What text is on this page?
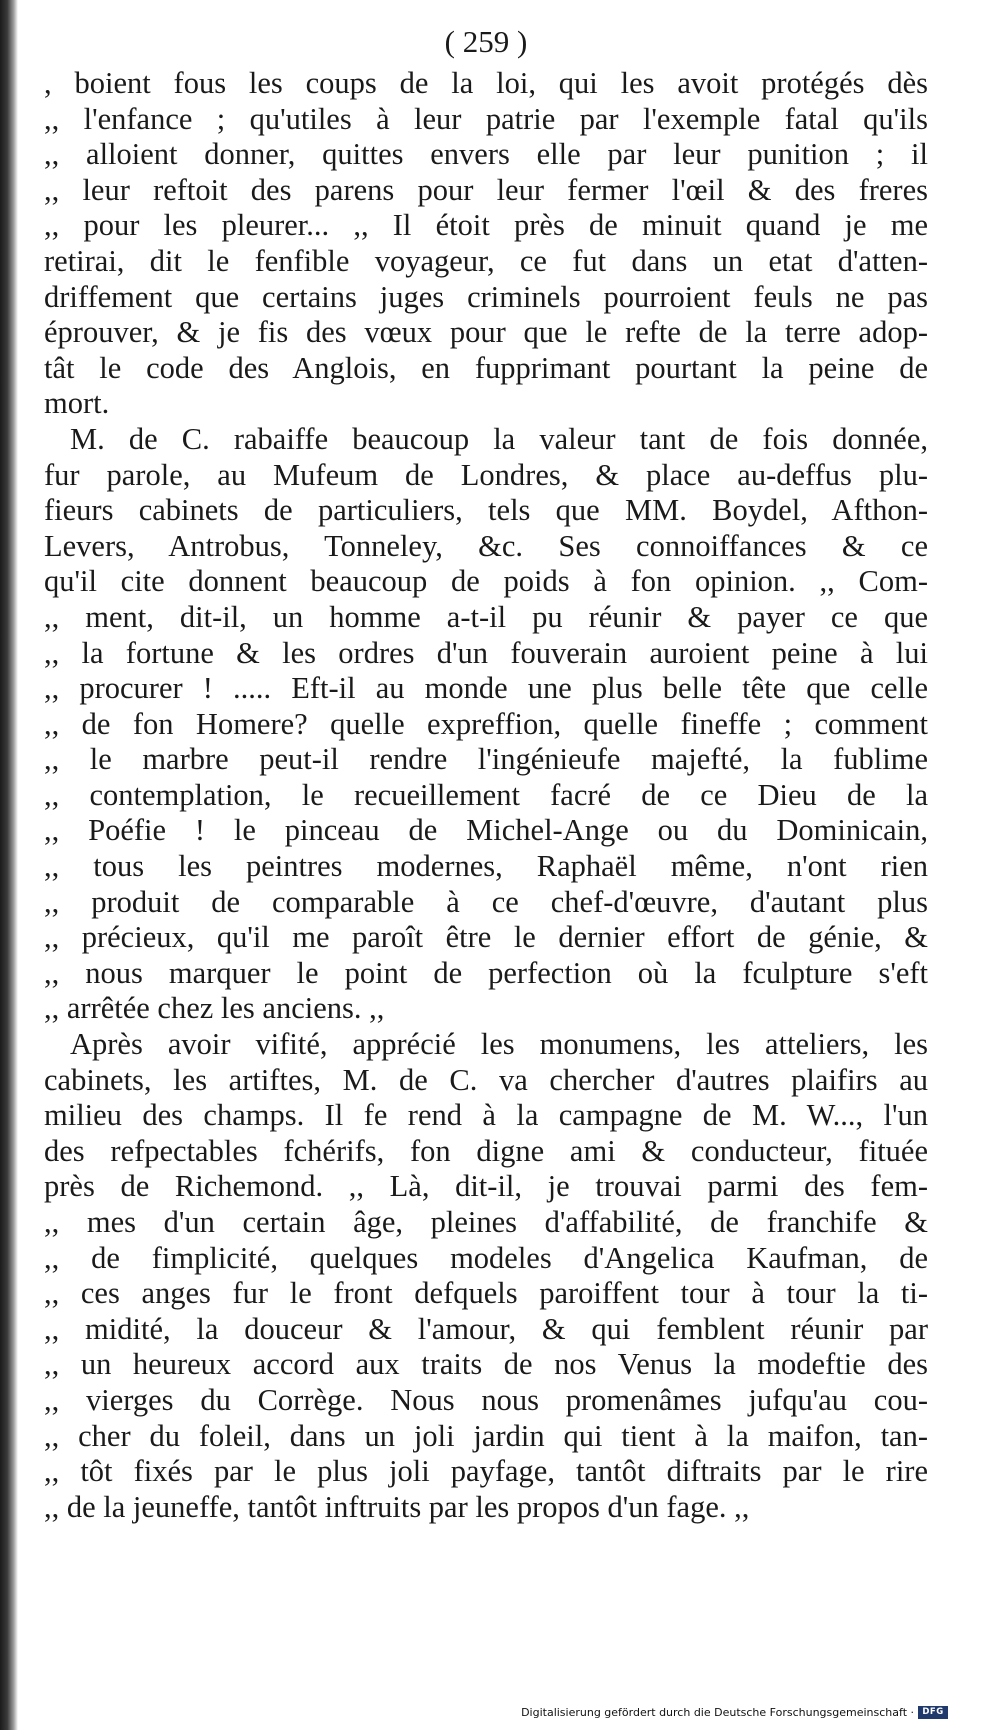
( 259 )
, boient fous les coups de la loi, qui les avoit protégés dès
,, l'enfance ; qu'utiles à leur patrie par l'exemple fatal qu'ils
,, alloient donner, quittes envers elle par leur punition ; il
,, leur reftoit des parens pour leur fermer l'œil & des freres
,, pour les pleurer... ,, Il étoit près de minuit quand je me
retirai, dit le fenfible voyageur, ce fut dans un etat d'atten-
driffement que certains juges criminels pourroient feuls ne pas
éprouver, & je fis des vœux pour que le refte de la terre adop-
tât le code des Anglois, en fupprimant pourtant la peine de
mort.
M. de C. rabaiffe beaucoup la valeur tant de fois donnée,
fur parole, au Mufeum de Londres, & place au-deffus plu-
fieurs cabinets de particuliers, tels que MM. Boydel, Afthon-
Levers, Antrobus, Tonneley, &c. Ses connoiffances & ce
qu'il cite donnent beaucoup de poids à fon opinion. ,, Com-
,, ment, dit-il, un homme a-t-il pu réunir & payer ce que
,, la fortune & les ordres d'un fouverain auroient peine à lui
,, procurer ! ..... Eft-il au monde une plus belle tête que celle
,, de fon Homere? quelle expreffion, quelle fineffe ; comment
,, le marbre peut-il rendre l'ingénieufe majefté, la fublime
,, contemplation, le recueillement facré de ce Dieu de la
,, Poéfie ! le pinceau de Michel-Ange ou du Dominicain,
,, tous les peintres modernes, Raphaël même, n'ont rien
,, produit de comparable à ce chef-d'œuvre, d'autant plus
,, précieux, qu'il me paroît être le dernier effort de génie, &
,, nous marquer le point de perfection où la fculpture s'eft
,, arrêtée chez les anciens. ,,
Après avoir vifité, apprécié les monumens, les atteliers, les
cabinets, les artiftes, M. de C. va chercher d'autres plaifirs au
milieu des champs. Il fe rend à la campagne de M. W..., l'un
des refpectables fchérifs, fon digne ami & conducteur, fituée
près de Richemond. ,, Là, dit-il, je trouvai parmi des fem-
,, mes d'un certain âge, pleines d'affabilité, de franchife &
,, de fimplicité, quelques modeles d'Angelica Kaufman, de
,, ces anges fur le front defquels paroiffent tour à tour la ti-
,, midité, la douceur & l'amour, & qui femblent réunir par
,, un heureux accord aux traits de nos Venus la modeftie des
,, vierges du Corrège. Nous nous promenâmes jufqu'au cou-
,, cher du foleil, dans un joli jardin qui tient à la maifon, tan-
,, tôt fixés par le plus joli payfage, tantôt diftraits par le rire
,, de la jeuneffe, tantôt inftruits par les propos d'un fage. ,,
Digitalisierung gefördert durch die Deutsche Forschungsgemeinschaft · DFG
